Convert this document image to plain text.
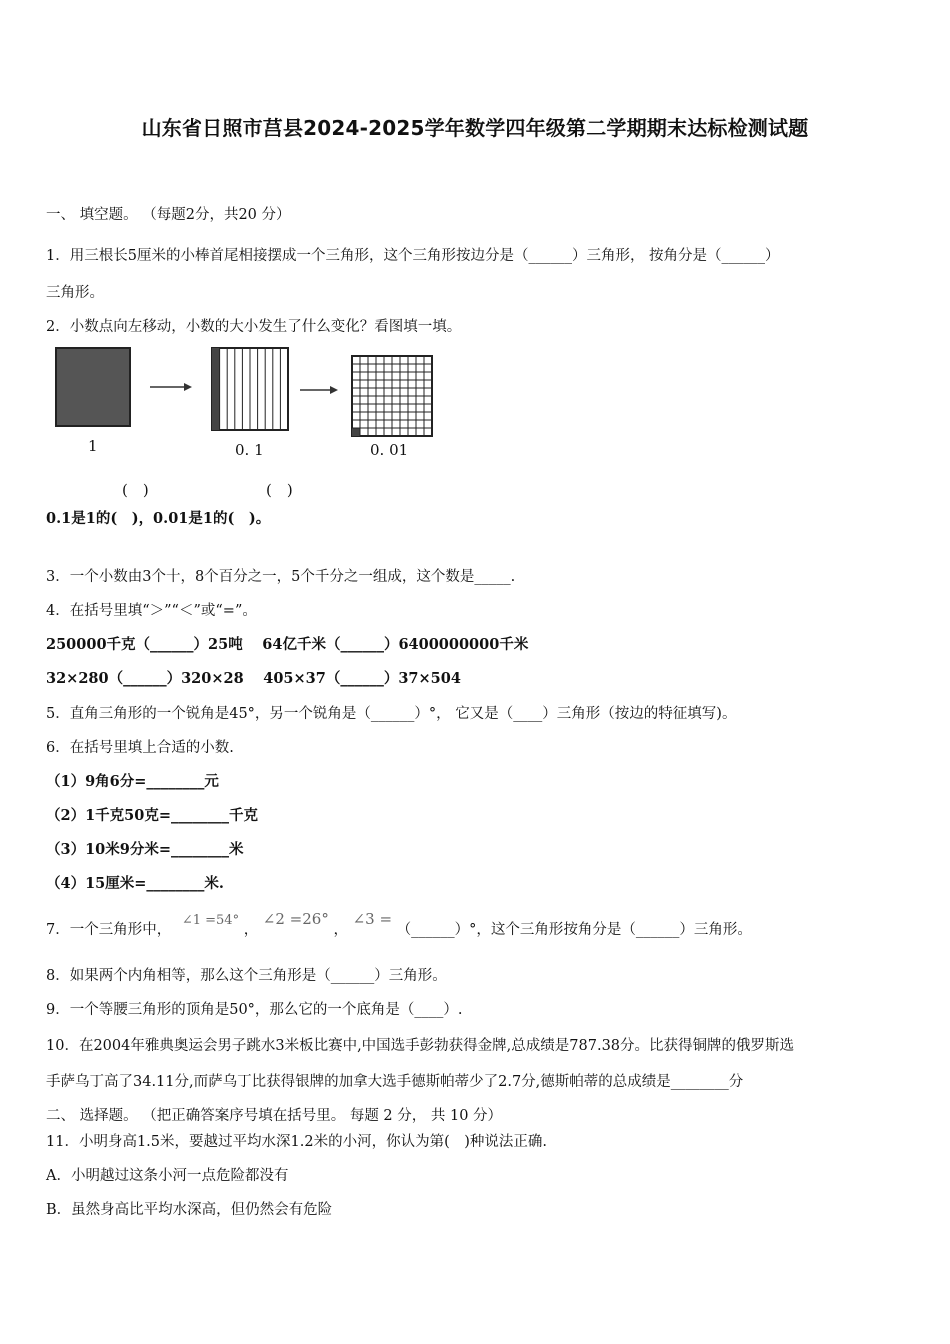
山东省日照市莒县2024-2025学年数学四年级第二学期期末达标检测试题
一、 填空题。 （每题2分，共20 分）
1．用三根长5厘米的小棒首尾相接摆成一个三角形，这个三角形按边分是（______）三角形， 按角分是（______）
三角形。
2．小数点向左移动，小数的大小发生了什么变化？看图填一填。
1	0. 1	0. 01
(　)	(　)
0.1是1的(　)，0.01是1的(　)。
3．一个小数由3个十，8个百分之一，5个千分之一组成，这个数是_____.
4．在括号里填“＞”“＜”或“=”。
250000千克（______）25吨　 64亿千米（______）6400000000千米
32×280（______）320×28　 405×37（______）37×504
5．直角三角形的一个锐角是45°，另一个锐角是（______）°， 它又是（____）三角形（按边的特征填写)。
6．在括号里填上合适的小数.
（1）9角6分=________元
（2）1千克50克=________千克
（3）10米9分米=________米
（4）15厘米=________米.
7．一个三角形中， ∠1 =54° ， ∠2 =26° ， ∠3 = （______）°，这个三角形按角分是（______）三角形。
8．如果两个内角相等，那么这个三角形是（______）三角形。
9．一个等腰三角形的顶角是50°，那么它的一个底角是（____）.
10．在2004年雅典奥运会男子跳水3米板比赛中,中国选手彭勃获得金牌,总成绩是787.38分。比获得铜牌的俄罗斯选
手萨乌丁高了34.11分,而萨乌丁比获得银牌的加拿大选手德斯帕蒂少了2.7分,德斯帕蒂的总成绩是________分
二、 选择题。 （把正确答案序号填在括号里。 每题 2 分， 共 10 分）
11．小明身高1.5米，要越过平均水深1.2米的小河，你认为第(　)种说法正确.
A．小明越过这条小河一点危险都没有
B．虽然身高比平均水深高，但仍然会有危险
